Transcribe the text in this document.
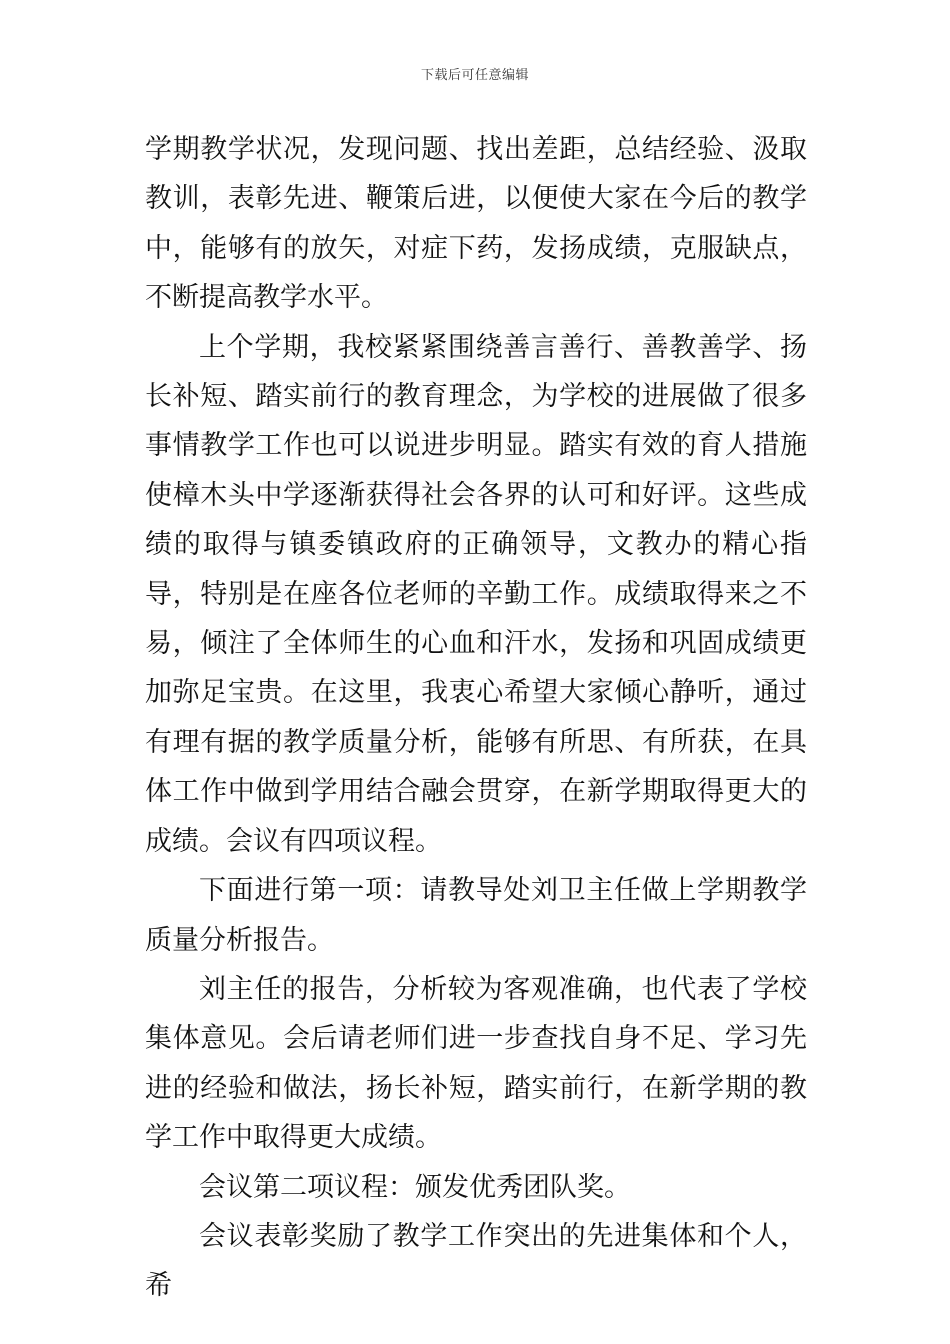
下载后可任意编辑

学期教学状况，发现问题、找出差距，总结经验、汲取教训，表彰先进、鞭策后进，以便使大家在今后的教学中，能够有的放矢，对症下药，发扬成绩，克服缺点，不断提高教学水平。

上个学期，我校紧紧围绕善言善行、善教善学、扬长补短、踏实前行的教育理念，为学校的进展做了很多事情教学工作也可以说进步明显。踏实有效的育人措施使樟木头中学逐渐获得社会各界的认可和好评。这些成绩的取得与镇委镇政府的正确领导，文教办的精心指导，特别是在座各位老师的辛勤工作。成绩取得来之不易，倾注了全体师生的心血和汗水，发扬和巩固成绩更加弥足宝贵。在这里，我衷心希望大家倾心静听，通过有理有据的教学质量分析，能够有所思、有所获，在具体工作中做到学用结合融会贯穿，在新学期取得更大的成绩。会议有四项议程。

下面进行第一项：请教导处刘卫主任做上学期教学质量分析报告。

刘主任的报告，分析较为客观准确，也代表了学校集体意见。会后请老师们进一步查找自身不足、学习先进的经验和做法，扬长补短，踏实前行，在新学期的教学工作中取得更大成绩。

会议第二项议程：颁发优秀团队奖。

会议表彰奖励了教学工作突出的先进集体和个人，希
